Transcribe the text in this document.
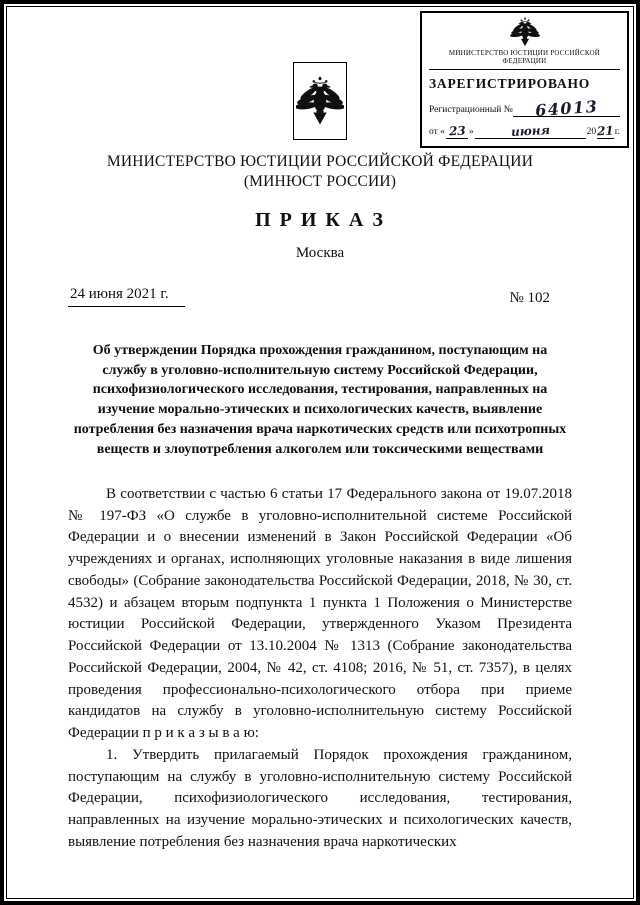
МИНИСТЕРСТВО ЮСТИЦИИ РОССИЙСКОЙ ФЕДЕРАЦИИ
ЗАРЕГИСТРИРОВАНО
Регистрационный №	64013
от « 23 »	июня	20 21 г.
МИНИСТЕРСТВО ЮСТИЦИИ РОССИЙСКОЙ ФЕДЕРАЦИИ
(МИНЮСТ РОССИИ)
П Р И К А З
Москва
24 июня 2021 г.	№ 102
Об утверждении Порядка прохождения гражданином, поступающим на службу в уголовно-исполнительную систему Российской Федерации, психофизиологического исследования, тестирования, направленных на изучение морально-этических и психологических качеств, выявление потребления без назначения врача наркотических средств или психотропных веществ и злоупотребления алкоголем или токсическими веществами

В соответствии с частью 6 статьи 17 Федерального закона от 19.07.2018 № 197-ФЗ «О службе в уголовно-исполнительной системе Российской Федерации и о внесении изменений в Закон Российской Федерации «Об учреждениях и органах, исполняющих уголовные наказания в виде лишения свободы» (Собрание законодательства Российской Федерации, 2018, № 30, ст. 4532) и абзацем вторым подпункта 1 пункта 1 Положения о Министерстве юстиции Российской Федерации, утвержденного Указом Президента Российской Федерации от 13.10.2004 № 1313 (Собрание законодательства Российской Федерации, 2004, № 42, ст. 4108; 2016, № 51, ст. 7357), в целях проведения профессионально-психологического отбора при приеме кандидатов на службу в уголовно-исполнительную систему Российской Федерации п р и к а з ы в а ю:

1. Утвердить прилагаемый Порядок прохождения гражданином, поступающим на службу в уголовно-исполнительную систему Российской Федерации, психофизиологического исследования, тестирования, направленных на изучение морально-этических и психологических качеств, выявление потребления без назначения врача наркотических
